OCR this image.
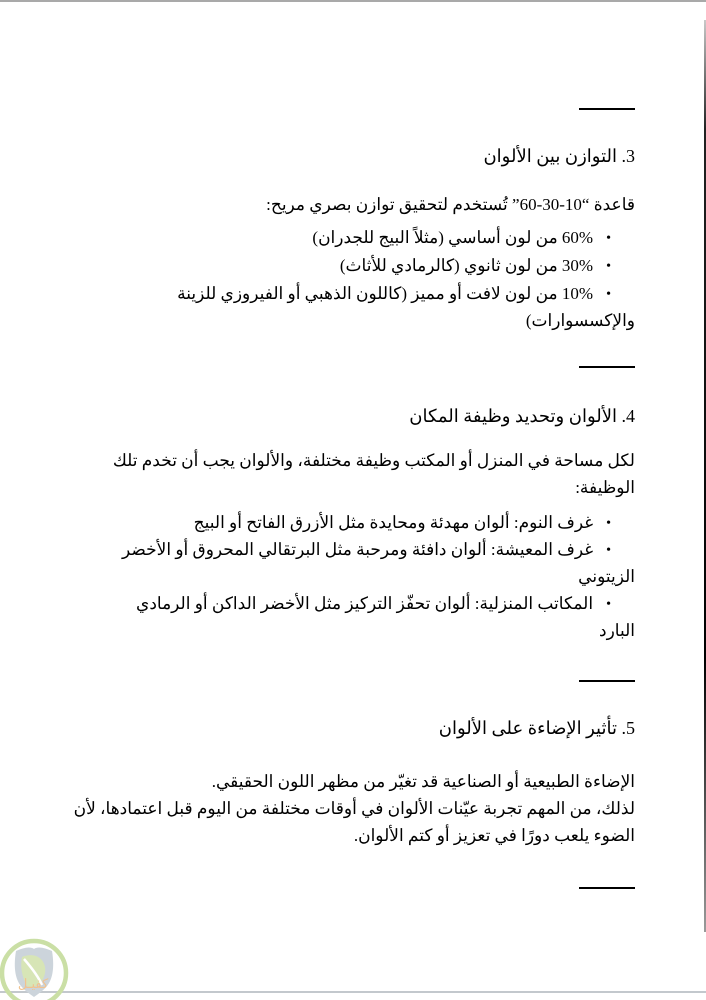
3. التوازن بين الألوان
قاعدة “10-30-60” تُستخدم لتحقيق توازن بصري مريح:
•60% من لون أساسي (مثلاً البيج للجدران)
•30% من لون ثانوي (كالرمادي للأثاث)
•10% من لون لافت أو مميز (كاللون الذهبي أو الفيروزي للزينة
والإكسسوارات)
4. الألوان وتحديد وظيفة المكان
لكل مساحة في المنزل أو المكتب وظيفة مختلفة، والألوان يجب أن تخدم تلك
الوظيفة:
•غرف النوم: ألوان مهدئة ومحايدة مثل الأزرق الفاتح أو البيج
•غرف المعيشة: ألوان دافئة ومرحبة مثل البرتقالي المحروق أو الأخضر
الزيتوني
•المكاتب المنزلية: ألوان تحفّز التركيز مثل الأخضر الداكن أو الرمادي
البارد
5. تأثير الإضاءة على الألوان
الإضاءة الطبيعية أو الصناعية قد تغيّر من مظهر اللون الحقيقي.
لذلك، من المهم تجربة عيّنات الألوان في أوقات مختلفة من اليوم قبل اعتمادها، لأن
الضوء يلعب دورًا في تعزيز أو كتم الألوان.
كفيـل
